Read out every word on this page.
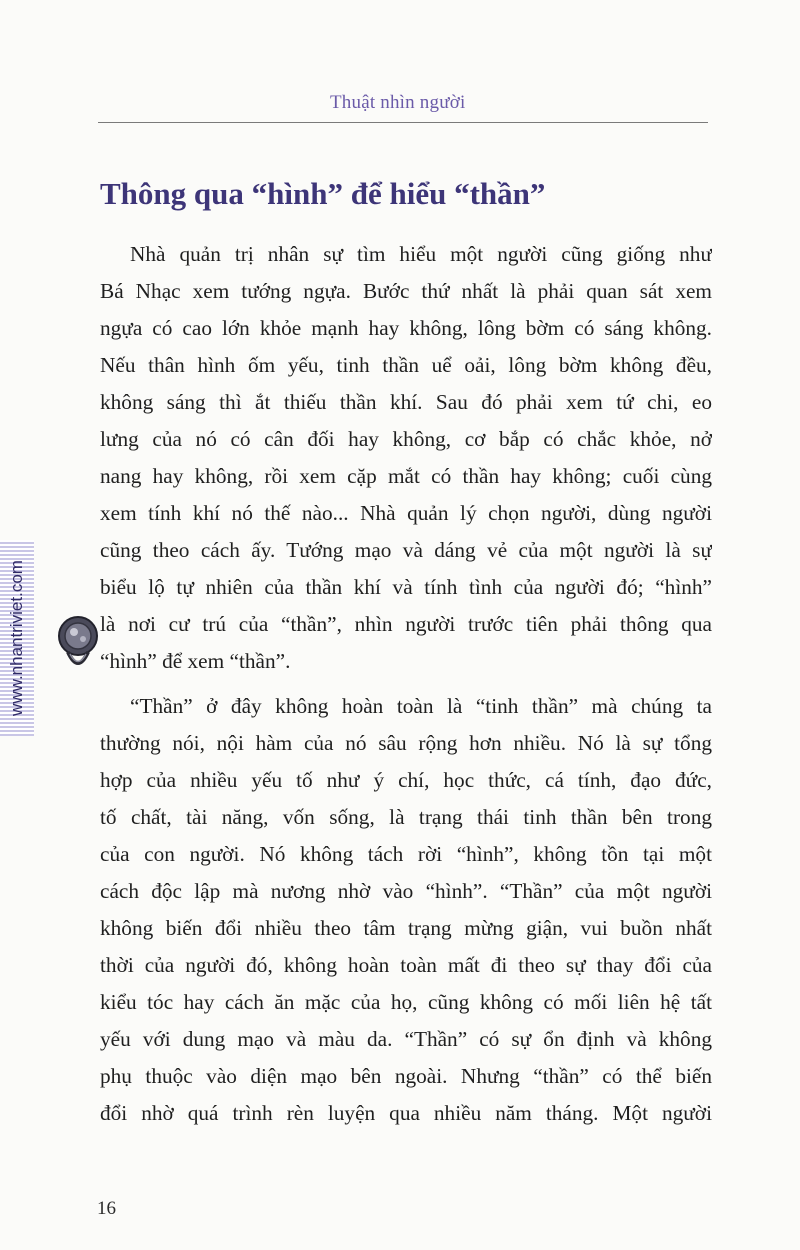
Thuật nhìn người
Thông qua “hình” để hiểu “thần”
Nhà quản trị nhân sự tìm hiểu một người cũng giống như
Bá Nhạc xem tướng ngựa. Bước thứ nhất là phải quan sát xem
ngựa có cao lớn khỏe mạnh hay không, lông bờm có sáng không.
Nếu thân hình ốm yếu, tinh thần uể oải, lông bờm không đều,
không sáng thì ắt thiếu thần khí. Sau đó phải xem tứ chi, eo
lưng của nó có cân đối hay không, cơ bắp có chắc khỏe, nở
nang hay không, rồi xem cặp mắt có thần hay không; cuối cùng
xem tính khí nó thế nào... Nhà quản lý chọn người, dùng người
cũng theo cách ấy. Tướng mạo và dáng vẻ của một người là sự
biểu lộ tự nhiên của thần khí và tính tình của người đó; “hình”
là nơi cư trú của “thần”, nhìn người trước tiên phải thông qua
“hình” để xem “thần”.
“Thần” ở đây không hoàn toàn là “tinh thần” mà chúng ta
thường nói, nội hàm của nó sâu rộng hơn nhiều. Nó là sự tổng
hợp của nhiều yếu tố như ý chí, học thức, cá tính, đạo đức,
tố chất, tài năng, vốn sống, là trạng thái tinh thần bên trong
của con người. Nó không tách rời “hình”, không tồn tại một
cách độc lập mà nương nhờ vào “hình”. “Thần” của một người
không biến đổi nhiều theo tâm trạng mừng giận, vui buồn nhất
thời của người đó, không hoàn toàn mất đi theo sự thay đổi của
kiểu tóc hay cách ăn mặc của họ, cũng không có mối liên hệ tất
yếu với dung mạo và màu da. “Thần” có sự ổn định và không
phụ thuộc vào diện mạo bên ngoài. Nhưng “thần” có thể biến
đổi nhờ quá trình rèn luyện qua nhiều năm tháng. Một người
16
www.nhantriviet.com
